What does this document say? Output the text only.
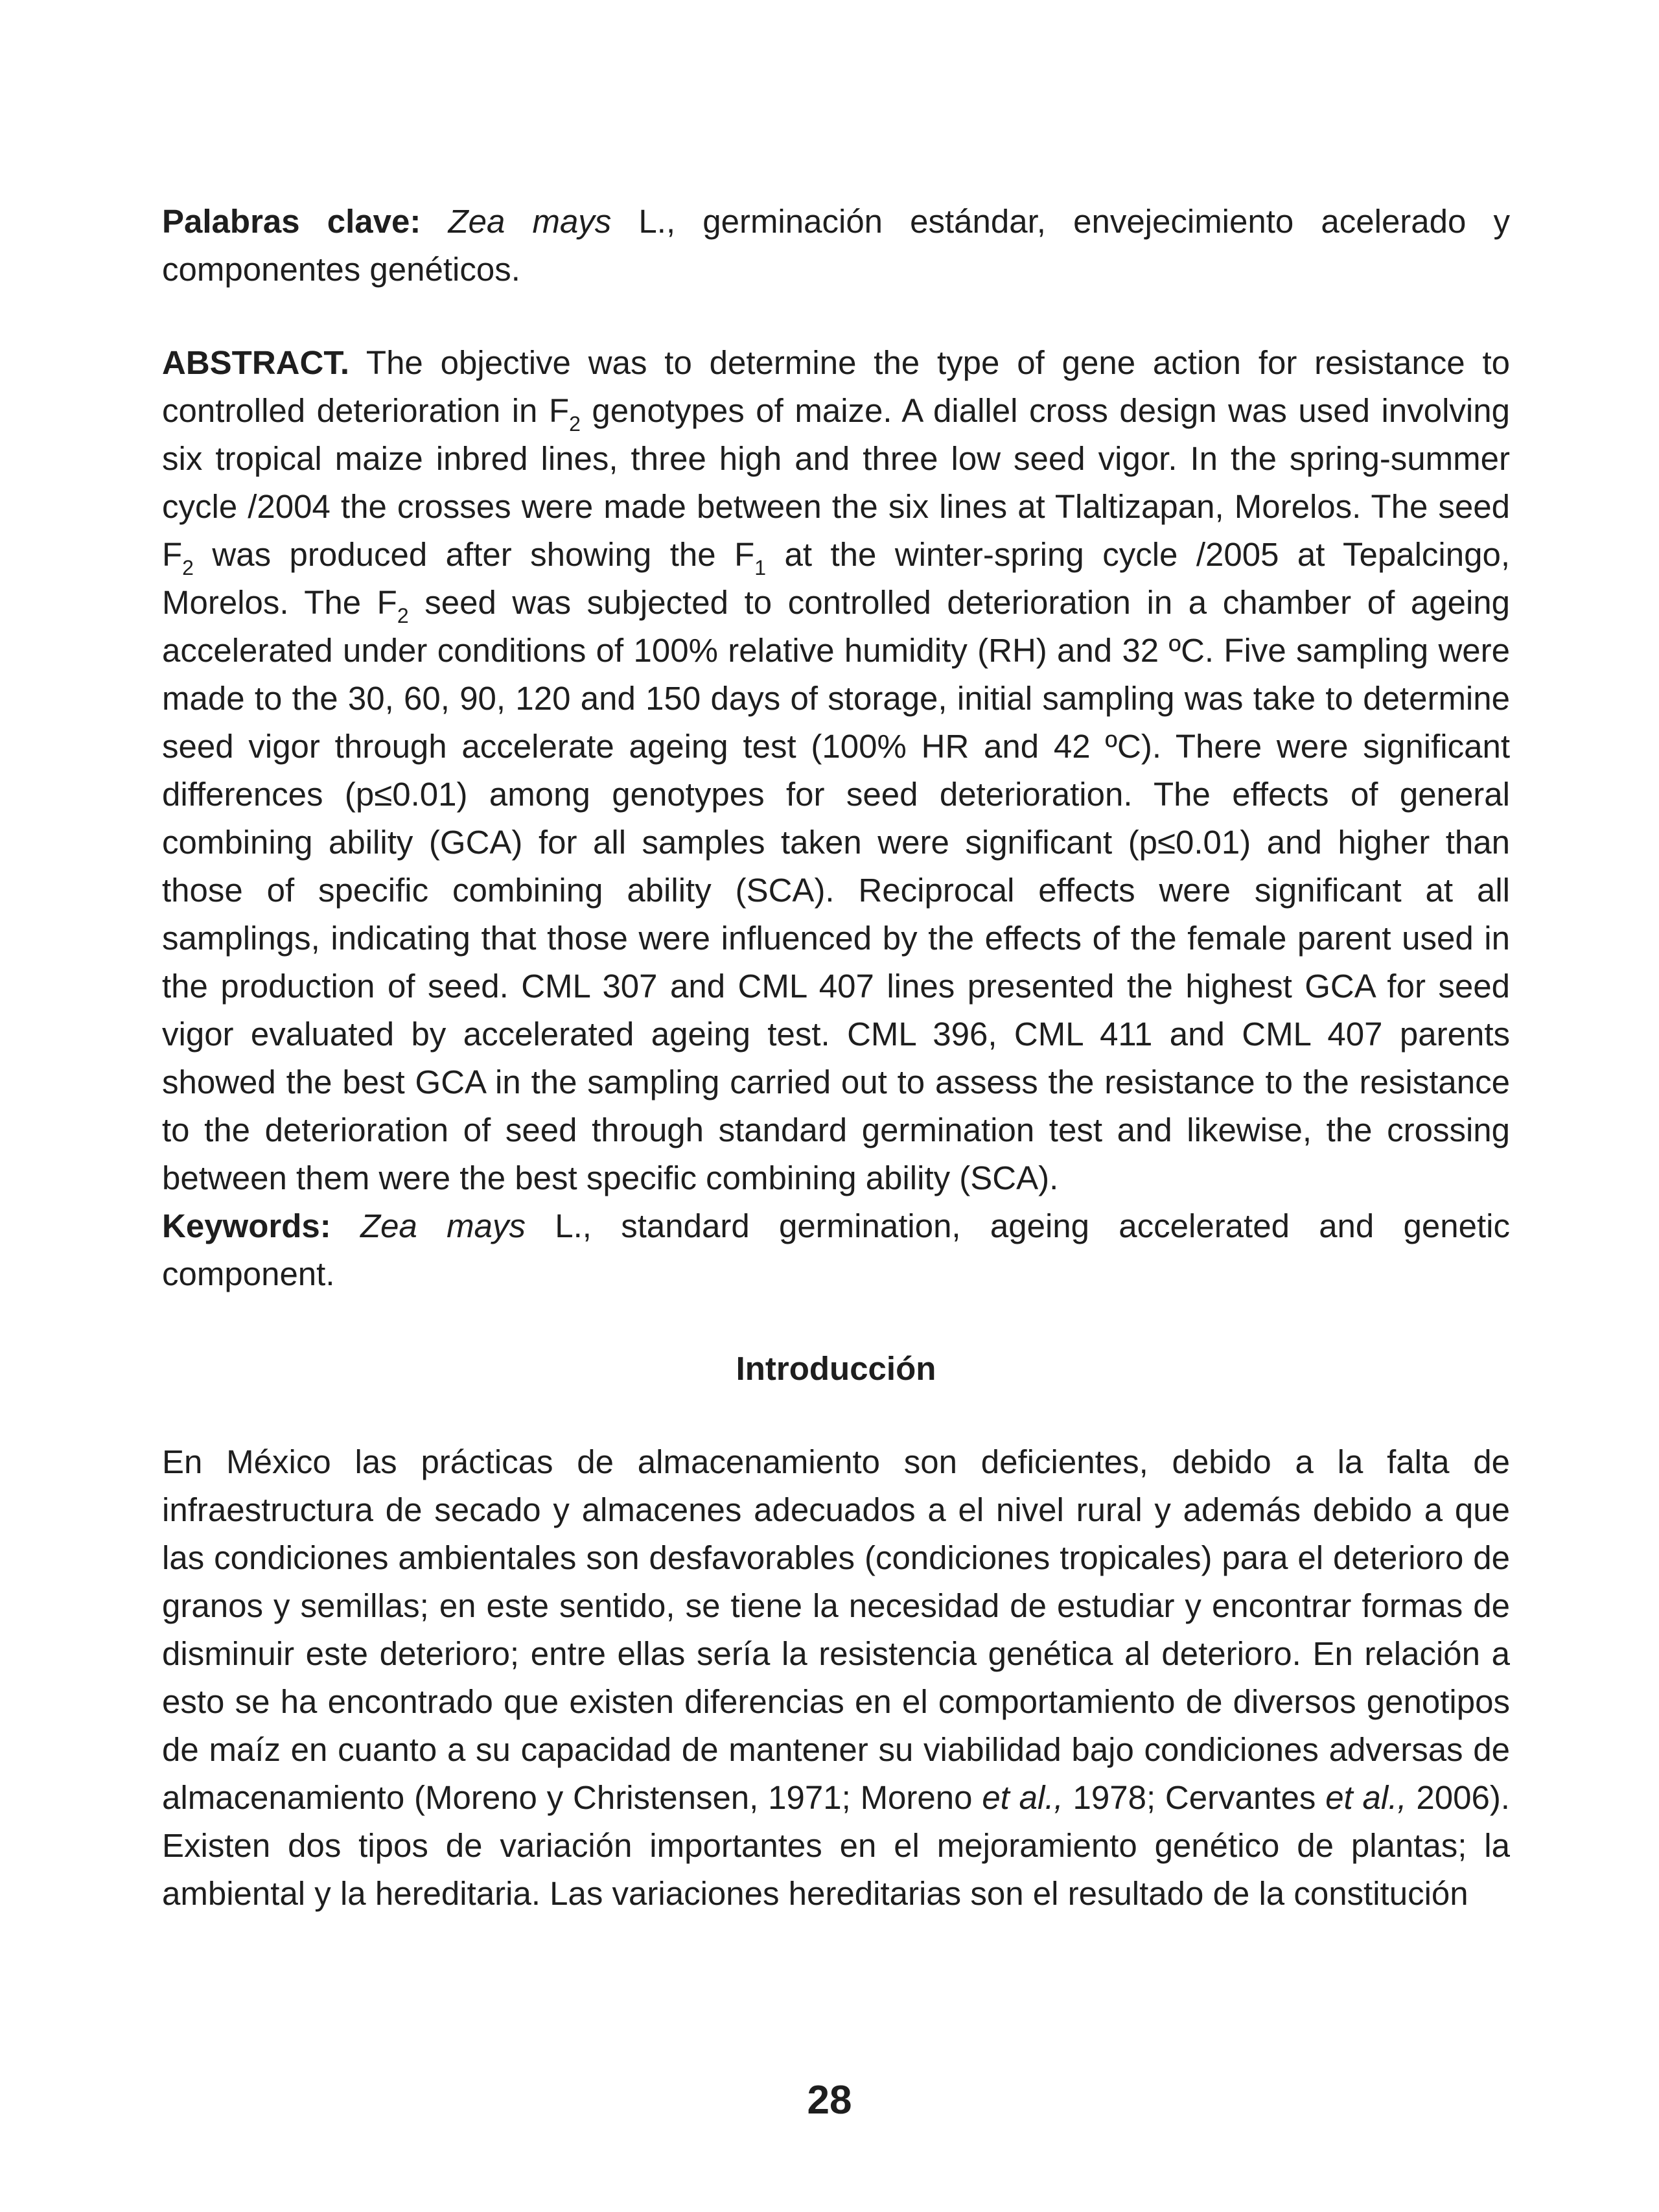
Palabras clave: Zea mays L., germinación estándar, envejecimiento acelerado y componentes genéticos.

ABSTRACT. The objective was to determine the type of gene action for resistance to controlled deterioration in $F_2$ genotypes of maize. A diallel cross design was used involving six tropical maize inbred lines, three high and three low seed vigor. In the spring-summer cycle /2004 the crosses were made between the six lines at Tlaltizapan, Morelos. The seed $F_2$ was produced after showing the $F_1$ at the winter-spring cycle /2005 at Tepalcingo, Morelos. The $F_2$ seed was subjected to controlled deterioration in a chamber of ageing accelerated under conditions of 100% relative humidity (RH) and 32 ºC. Five sampling were made to the 30, 60, 90, 120 and 150 days of storage, initial sampling was take to determine seed vigor through accelerate ageing test (100% HR and 42 ºC). There were significant differences (p≤0.01) among genotypes for seed deterioration. The effects of general combining ability (GCA) for all samples taken were significant (p≤0.01) and higher than those of specific combining ability (SCA). Reciprocal effects were significant at all samplings, indicating that those were influenced by the effects of the female parent used in the production of seed. CML 307 and CML 407 lines presented the highest GCA for seed vigor evaluated by accelerated ageing test. CML 396, CML 411 and CML 407 parents showed the best GCA in the sampling carried out to assess the resistance to the resistance to the deterioration of seed through standard germination test and likewise, the crossing between them were the best specific combining ability (SCA).
Keywords: Zea mays L., standard germination, ageing accelerated and genetic component.

Introducción

En México las prácticas de almacenamiento son deficientes, debido a la falta de infraestructura de secado y almacenes adecuados a el nivel rural y además debido a que las condiciones ambientales son desfavorables (condiciones tropicales) para el deterioro de granos y semillas; en este sentido, se tiene la necesidad de estudiar y encontrar formas de disminuir este deterioro; entre ellas sería la resistencia genética al deterioro. En relación a esto se ha encontrado que existen diferencias en el comportamiento de diversos genotipos de maíz en cuanto a su capacidad de mantener su viabilidad bajo condiciones adversas de almacenamiento (Moreno y Christensen, 1971; Moreno et al., 1978; Cervantes et al., 2006). Existen dos tipos de variación importantes en el mejoramiento genético de plantas; la ambiental y la hereditaria. Las variaciones hereditarias son el resultado de la constitución

28
